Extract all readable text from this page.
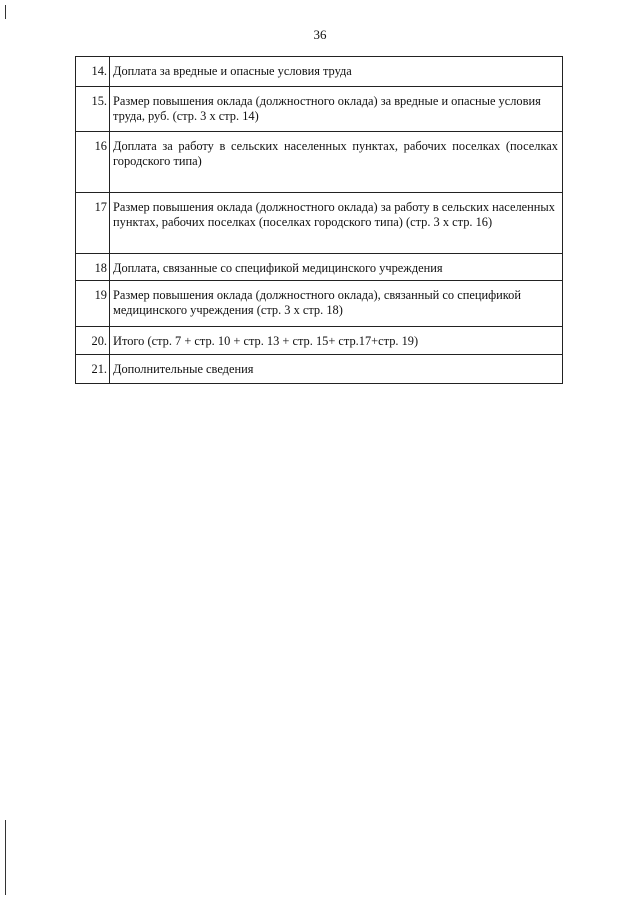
36
14.	Доплата за вредные и опасные условия труда
15.	Размер повышения оклада (должностного оклада) за вредные и опасные условия труда, руб. (стр. 3 х стр. 14)
16	Доплата за работу в сельских населенных пунктах, рабочих поселках (поселках городского типа)
17	Размер повышения оклада (должностного оклада) за работу в сельских населенных пунктах, рабочих поселках (поселках городского типа) (стр. 3 х стр. 16)
18	Доплата, связанные со спецификой медицинского учреждения
19	Размер повышения оклада (должностного оклада), связанный со спецификой медицинского учреждения (стр. 3 х стр. 18)
20.	Итого (стр. 7 + стр. 10 + стр. 13 + стр. 15+ стр.17+стр. 19)
21.	Дополнительные сведения
